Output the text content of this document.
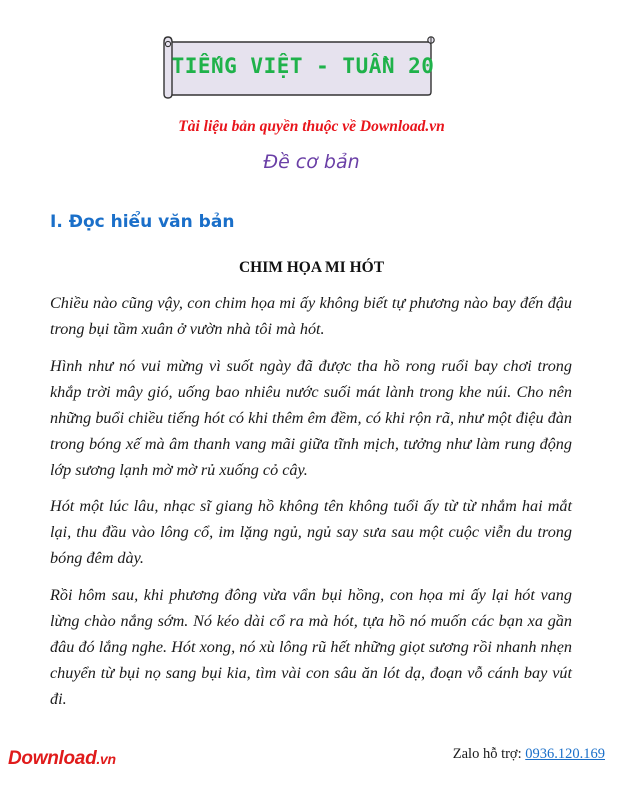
TIẾNG VIỆT - TUẦN 20
Tài liệu bản quyền thuộc về Download.vn
Đề cơ bản
I. Đọc hiểu văn bản
CHIM HỌA MI HÓT

Chiều nào cũng vậy, con chim họa mi ấy không biết tự phương nào bay đến đậu trong bụi tầm xuân ở vườn nhà tôi mà hót.

Hình như nó vui mừng vì suốt ngày đã được tha hồ rong ruổi bay chơi trong khắp trời mây gió, uống bao nhiêu nước suối mát lành trong khe núi. Cho nên những buổi chiều tiếng hót có khi thêm êm đềm, có khi rộn rã, như một điệu đàn trong bóng xế mà âm thanh vang mãi giữa tĩnh mịch, tưởng như làm rung động lớp sương lạnh mờ mờ rủ xuống cỏ cây.

Hót một lúc lâu, nhạc sĩ giang hồ không tên không tuổi ấy từ từ nhắm hai mắt lại, thu đầu vào lông cổ, im lặng ngủ, ngủ say sưa sau một cuộc viễn du trong bóng đêm dày.

Rồi hôm sau, khi phương đông vừa vẩn bụi hồng, con họa mi ấy lại hót vang lừng chào nắng sớm. Nó kéo dài cổ ra mà hót, tựa hồ nó muốn các bạn xa gần đâu đó lắng nghe. Hót xong, nó xù lông rũ hết những giọt sương rồi nhanh nhẹn chuyển từ bụi nọ sang bụi kia, tìm vài con sâu ăn lót dạ, đoạn vỗ cánh bay vút đi.

Download.vn	Zalo hỗ trợ: 0936.120.169
